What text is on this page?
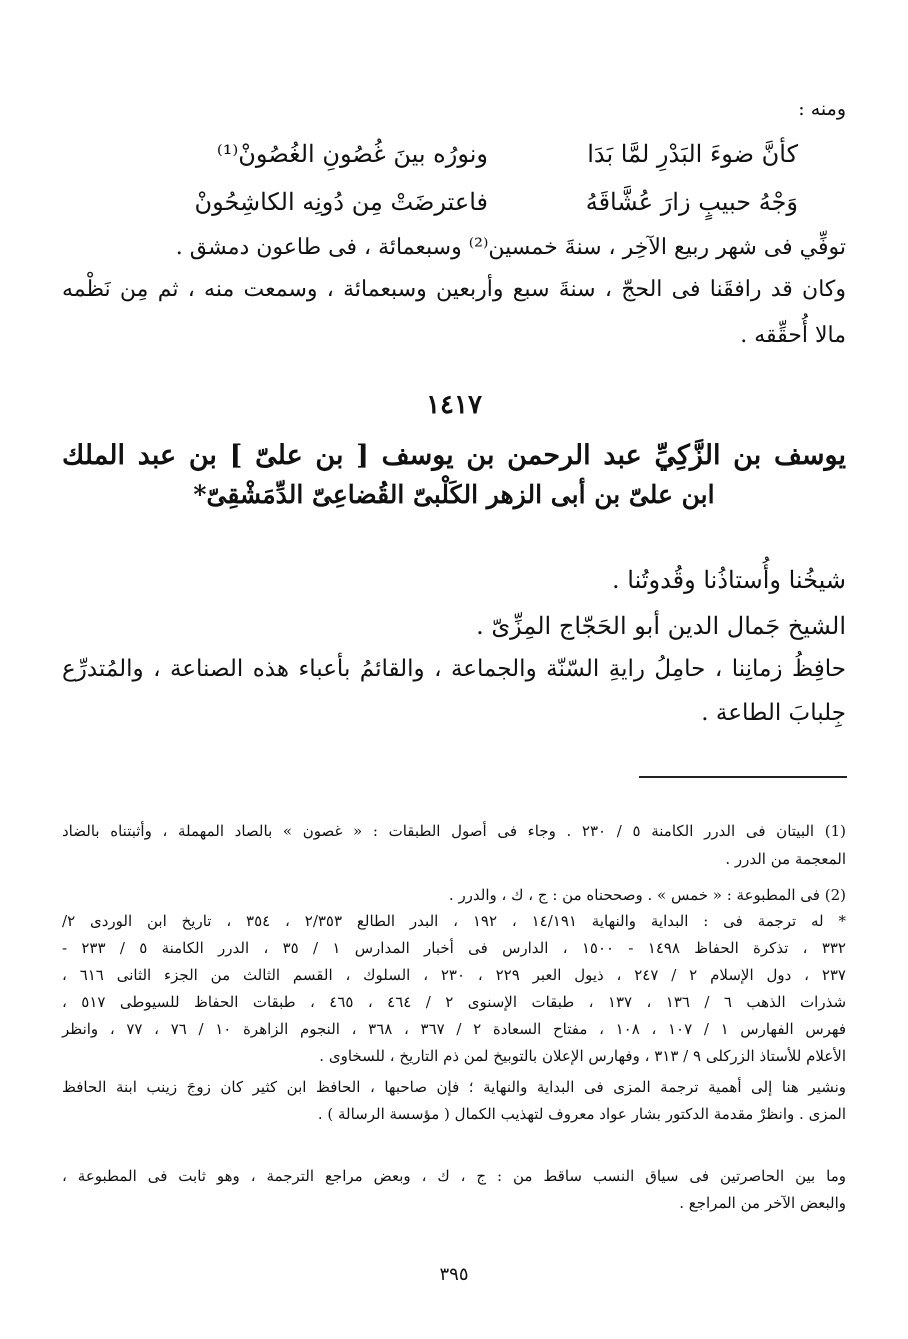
ومنه :
كأنَّ ضوءَ البَدْرِ لمَّا بَدَا
ونورُه بينَ غُصُونِ الغُصُونْ⁽¹⁾
وَجْهُ حبيبٍ زارَ عُشَّاقَهُ
فاعترضَتْ مِن دُونِه الكاشِحُونْ
توفِّي فى شهر ربيع الآخِر ، سنةَ خمسين⁽²⁾ وسبعمائة ، فى طاعون دمشق .
وكان قد رافقَنا فى الحجّ ، سنةَ سبع وأربعين وسبعمائة ، وسمعت منه ، ثم مِن نَظْمه
مالا أُحقِّقه .
١٤١٧
يوسف بن الزَّكِيِّ عبد الرحمن بن يوسف [ بن علىّ ] بن عبد الملك
ابن علىّ بن أبى الزهر الكَلْبىّ القُضاعِىّ الدِّمَشْقِىّ*
شيخُنا وأُستاذُنا وقُدوتُنا .
الشيخ جَمال الدين أبو الحَجّاج المِزِّىّ .
حافِظُ زمانِنا ، حامِلُ رايةِ السّنّة والجماعة ، والقائمُ بأعباء هذه الصناعة ، والمُتدرِّع
جِلبابَ الطاعة .
(1) البيتان فى الدرر الكامنة ٥ / ٢٣٠ . وجاء فى أصول الطبقات : « غصون » بالصاد المهملة ، وأثبتناه بالضاد
المعجمة من الدرر .
(2) فى المطبوعة : « خمس » . وصححناه من : ج ، ك ، والدرر .
* له ترجمة فى : البداية والنهاية ١٤/١٩١ ، ١٩٢ ، البدر الطالع ٢/٣٥٣ ، ٣٥٤ ، تاريخ ابن الوردى ٢/
٣٣٢ ، تذكرة الحفاظ ١٤٩٨ - ١٥٠٠ ، الدارس فى أخبار المدارس ١ / ٣٥ ، الدرر الكامنة ٥ / ٢٣٣ -
٢٣٧ ، دول الإسلام ٢ / ٢٤٧ ، ذيول العبر ٢٢٩ ، ٢٣٠ ، السلوك ، القسم الثالث من الجزء الثانى ٦١٦ ،
شذرات الذهب ٦ / ١٣٦ ، ١٣٧ ، طبقات الإسنوى ٢ / ٤٦٤ ، ٤٦٥ ، طبقات الحفاظ للسيوطى ٥١٧ ،
فهرس الفهارس ١ / ١٠٧ ، ١٠٨ ، مفتاح السعادة ٢ / ٣٦٧ ، ٣٦٨ ، النجوم الزاهرة ١٠ / ٧٦ ، ٧٧ ، وانظر
الأعلام للأستاذ الزركلى ٩ / ٣١٣ ، وفهارس الإعلان بالتوبيخ لمن ذم التاريخ ، للسخاوى .
ونشير هنا إلى أهمية ترجمة المزى فى البداية والنهاية ؛ فإن صاحبها ، الحافظ ابن كثير كان زوجَ زينب ابنة الحافظ
المزى . وانظرْ مقدمة الدكتور بشار عواد معروف لتهذيب الكمال ( مؤسسة الرسالة ) .
وما بين الحاصرتين فى سياق النسب ساقط من : ج ، ك ، وبعض مراجع الترجمة ، وهو ثابت فى المطبوعة ،
والبعض الآخر من المراجع .
٣٩٥
